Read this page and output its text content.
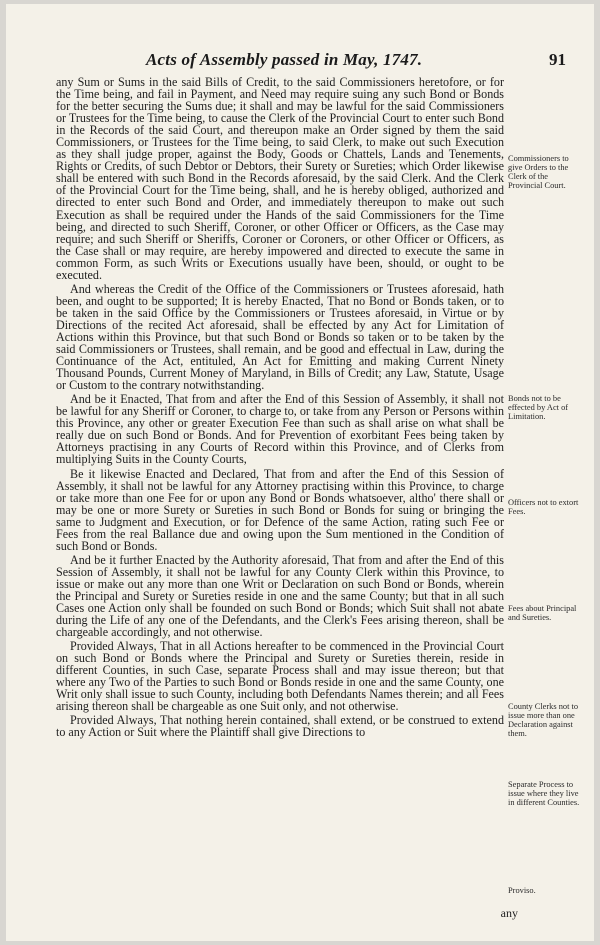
Acts of Assembly passed in May, 1747.	91

any Sum or Sums in the said Bills of Credit, to the said Commissioners heretofore, or for the Time being, and fail in Payment, and Need may require suing any such Bond or Bonds for the better securing the Sums due; it shall and may be lawful for the said Commissioners or Trustees for the Time being, to cause the Clerk of the Provincial Court to enter such Bond in the Records of the said Court, and thereupon make an Order signed by them the said Commissioners, or Trustees for the Time being, to said Clerk, to make out such Execution as they shall judge proper, against the Body, Goods or Chattels, Lands and Tenements, Rights or Credits, of such Debtor or Debtors, their Surety or Sureties; which Order likewise shall be entered with such Bond in the Records aforesaid, by the said Clerk. And the Clerk of the Provincial Court for the Time being, shall, and he is hereby obliged, authorized and directed to enter such Bond and Order, and immediately thereupon to make out such Execution as shall be required under the Hands of the said Commissioners for the Time being, and directed to such Sheriff, Coroner, or other Officer or Officers, as the Case may require; and such Sheriff or Sheriffs, Coroner or Coroners, or other Officer or Officers, as the Case shall or may require, are hereby impowered and directed to execute the same in common Form, as such Writs or Executions usually have been, should, or ought to be executed.

And whereas the Credit of the Office of the Commissioners or Trustees aforesaid, hath been, and ought to be supported; It is hereby Enacted, That no Bond or Bonds taken, or to be taken in the said Office by the Commissioners or Trustees aforesaid, in Virtue or by Directions of the recited Act aforesaid, shall be effected by any Act for Limitation of Actions within this Province, but that such Bond or Bonds so taken or to be taken by the said Commissioners or Trustees, shall remain, and be good and effectual in Law, during the Continuance of the Act, entituled, An Act for Emitting and making Current Ninety Thousand Pounds, Current Money of Maryland, in Bills of Credit; any Law, Statute, Usage or Custom to the contrary notwithstanding.

And be it Enacted, That from and after the End of this Session of Assembly, it shall not be lawful for any Sheriff or Coroner, to charge to, or take from any Person or Persons within this Province, any other or greater Execution Fee than such as shall arise on what shall be really due on such Bond or Bonds. And for Prevention of exorbitant Fees being taken by Attorneys practising in any Courts of Record within this Province, and of Clerks from multiplying Suits in the County Courts,

Be it likewise Enacted and Declared, That from and after the End of this Session of Assembly, it shall not be lawful for any Attorney practising within this Province, to charge or take more than one Fee for or upon any Bond or Bonds whatsoever, altho' there shall or may be one or more Surety or Sureties in such Bond or Bonds for suing or bringing the same to Judgment and Execution, or for Defence of the same Action, rating such Fee or Fees from the real Ballance due and owing upon the Sum mentioned in the Condition of such Bond or Bonds.

And be it further Enacted by the Authority aforesaid, That from and after the End of this Session of Assembly, it shall not be lawful for any County Clerk within this Province, to issue or make out any more than one Writ or Declaration on such Bond or Bonds, wherein the Principal and Surety or Sureties reside in one and the same County; but that in all such Cases one Action only shall be founded on such Bond or Bonds; which Suit shall not abate during the Life of any one of the Defendants, and the Clerk's Fees arising thereon, shall be chargeable accordingly, and not otherwise.

Provided Always, That in all Actions hereafter to be commenced in the Provincial Court on such Bond or Bonds where the Principal and Surety or Sureties therein, reside in different Counties, in such Case, separate Process shall and may issue thereon; but that where any Two of the Parties to such Bond or Bonds reside in one and the same County, one Writ only shall issue to such County, including both Defendants Names therein; and all Fees arising thereon shall be chargeable as one Suit only, and not otherwise.

Provided Always, That nothing herein contained, shall extend, or be construed to extend to any Action or Suit where the Plaintiff shall give Directions to

Commissioners to give Orders to the Clerk of the Provincial Court.
Bonds not to be effected by Act of Limitation.
Officers not to extort Fees.
Fees about Principal and Sureties.
County Clerks not to issue more than one Declaration against them.
Separate Process to issue where they live in different Counties.
Proviso.
any
